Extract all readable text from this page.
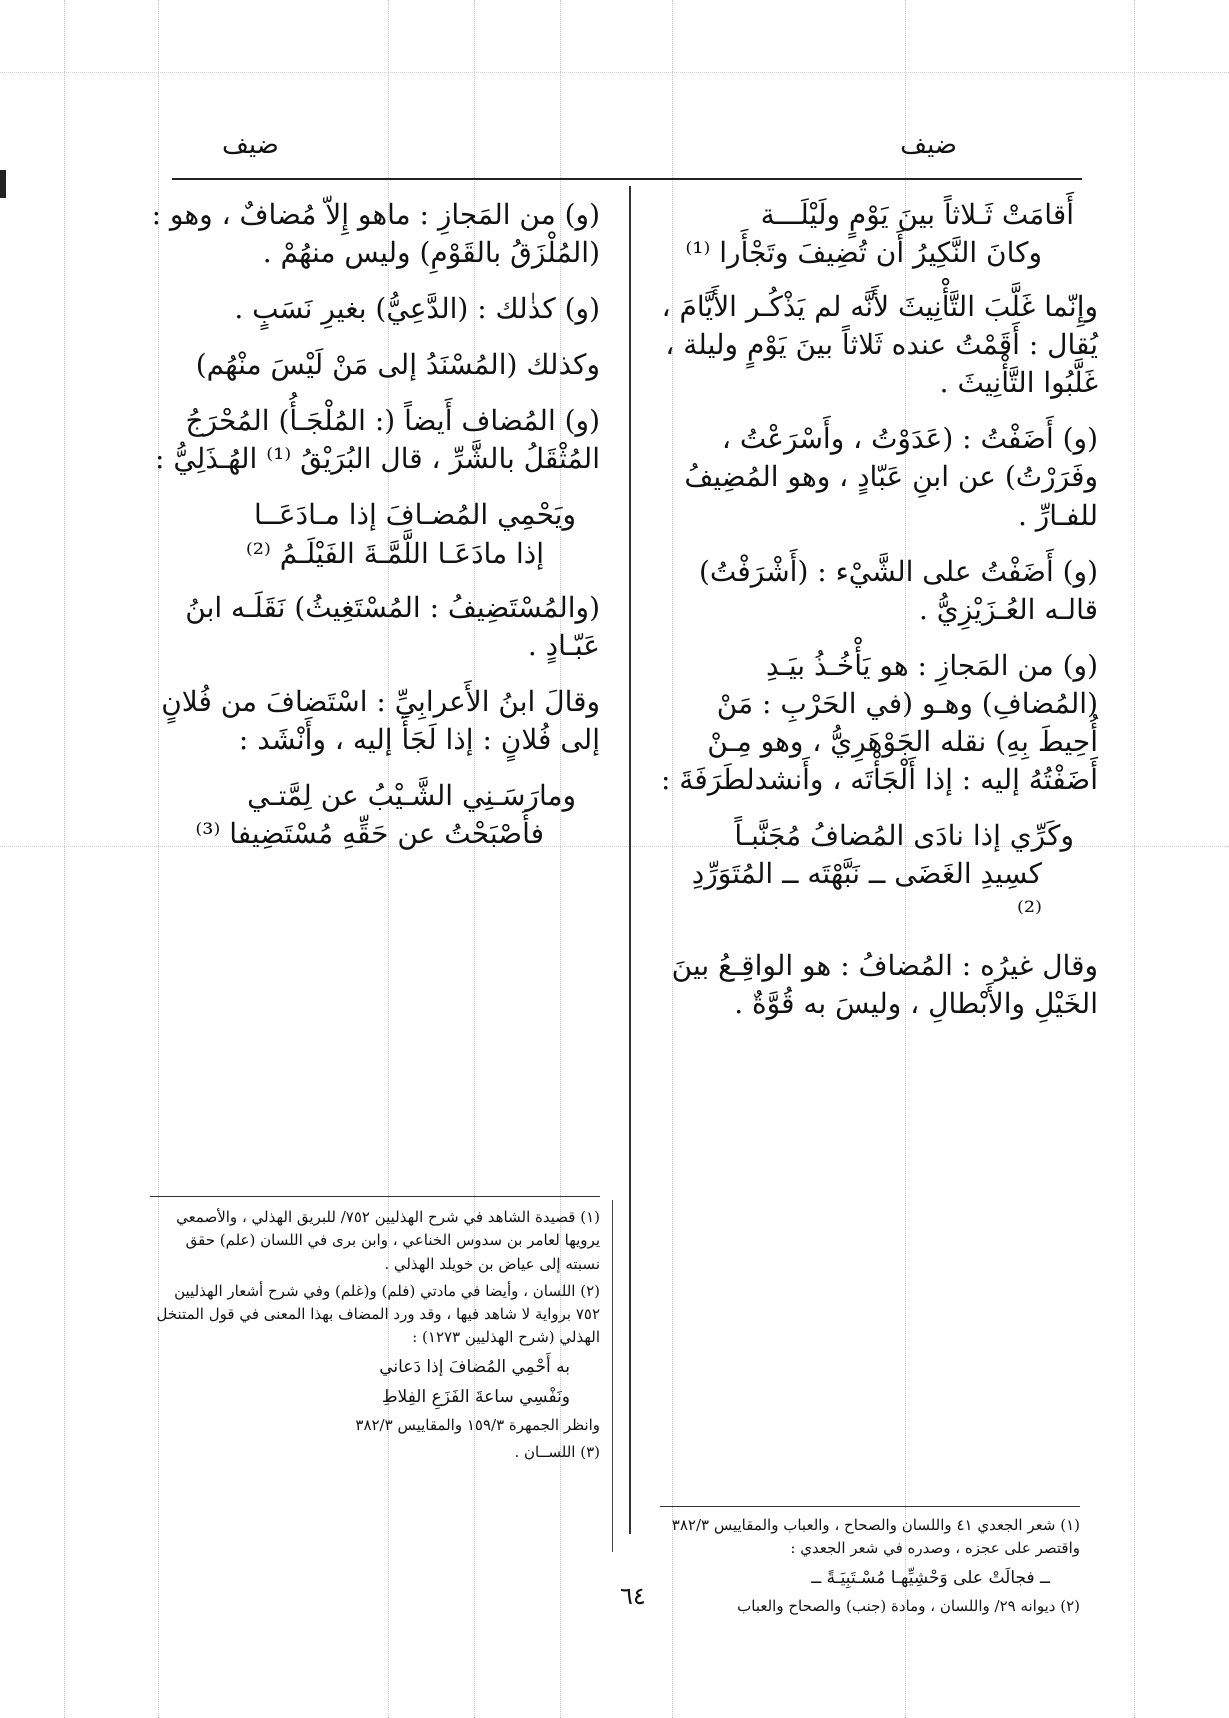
ضيف
ضيف
أَقامَتْ ثَـلاثاً بينَ يَوْمٍ ولَيْلَـــة
وكانَ النَّكِيرُ أَن تُضِيفَ وتَجْأَرا ⁽¹⁾

وإِنّما غَلَّبَ التَّأْنِيثَ لأَنَّه لم يَذْكُـر الأَيَّامَ ، يُقال : أَقَمْتُ عنده ثَلاثاً بينَ يَوْمٍ وليلة ، غَلَّبُوا التَّأْنِيثَ .

(و) أَضَفْتُ : (عَدَوْتُ ، وأَسْرَعْتُ ، وفَرَرْتُ) عن ابنِ عَبّادٍ ، وهو المُضِيفُ للفـارِّ .

(و) أَضَفْتُ على الشَّيْء : (أَشْرَفْتُ) قالـه العُـزَيْزِيُّ .

(و) من المَجازِ : هو يَأْخُـذُ بيَـدِ (المُضافِ) وهـو (في الحَرْبِ : مَنْ أُحِيطَ بِهِ) نقله الجَوْهَرِيُّ ، وهو مِـنْ أَضَفْتُهُ إليه : إذا أَلْجَأْتَه ، وأَنشدلطَرَفَةَ :

وكَرِّي إذا نادَى المُضافُ مُجَنَّبـاً
كسِيدِ الغَضَى ــ نَبَّهْتَه ــ المُتَوَرِّدِ ⁽²⁾

وقال غيرُه : المُضافُ : هو الواقِـعُ بينَ الخَيْلِ والأَبْطالِ ، وليسَ به قُوَّةٌ .

(و) من المَجازِ : ماهو إِلاّ مُضافٌ ، وهو : (المُلْزَقُ بالقَوْمِ) وليس منهُمْ .

(و) كذٰلك : (الدَّعِيُّ) بغيرِ نَسَبٍ .

وكذلك (المُسْنَدُ إلى مَنْ لَيْسَ منْهُم)

(و) المُضاف أَيضاً (: المُلْجَـأُ) المُحْرَجُ المُثْقَلُ بالشَّرِّ ، قال البُرَيْقُ ⁽¹⁾ الهُـذَلِيُّ :

ويَحْمِي المُضـافَ إذا مـادَعَــا
إذا مادَعَـا اللَّمَّـةَ الفَيْلَـمُ ⁽²⁾

(والمُسْتَضِيفُ : المُسْتَغِيثُ) نَقَلَـه ابنُ عَبّـادٍ .

وقالَ ابنُ الأَعرابِيِّ : اسْتَضافَ من فُلانٍ إلى فُلانٍ : إذا لَجَأَ إليه ، وأَنْشَد :

ومارَسَـنِي الشَّـيْبُ عن لِمَّتـي
فأَصْبَحْتُ عن حَقِّهِ مُسْتَضِيفا ⁽³⁾

(١) قصيدة الشاهد في شرح الهذليين ٧٥٢/ للبريق الهذلي ، والأصمعي يرويها لعامر بن سدوس الخناعي ، وابن برى في اللسان (علم) حقق نسبته إلى عياض بن خويلد الهذلي .

(٢) اللسان ، وأيضا في مادتي (فلم) و(غلم) وفي شرح أشعار الهذليين ٧٥٢ برواية لا شاهد فيها ، وقد ورد المضاف بهذا المعنى في قول المتنخل الهذلي (شرح الهذليين ١٢٧٣) :

به أَحْمِي المُضافَ إذا دَعاني

ونَفْسِي ساعةَ الفَزَعِ الفِلاطِ

وانظر الجمهرة ١٥٩/٣ والمقاييس ٣٨٢/٣

(٣) اللســان .

(١) شعر الجعدي ٤١ واللسان والصحاح ، والعباب والمقاييس ٣٨٢/٣ واقتصر على عجزه ، وصدره في شعر الجعدي :

ــ فجالَتْ على وَحْشِيِّهـا مُسْـتَبِيَـةً ــ

(٢) ديوانه ٢٩/ واللسان ، ومادة (جنب) والصحاح والعباب

٦٤
